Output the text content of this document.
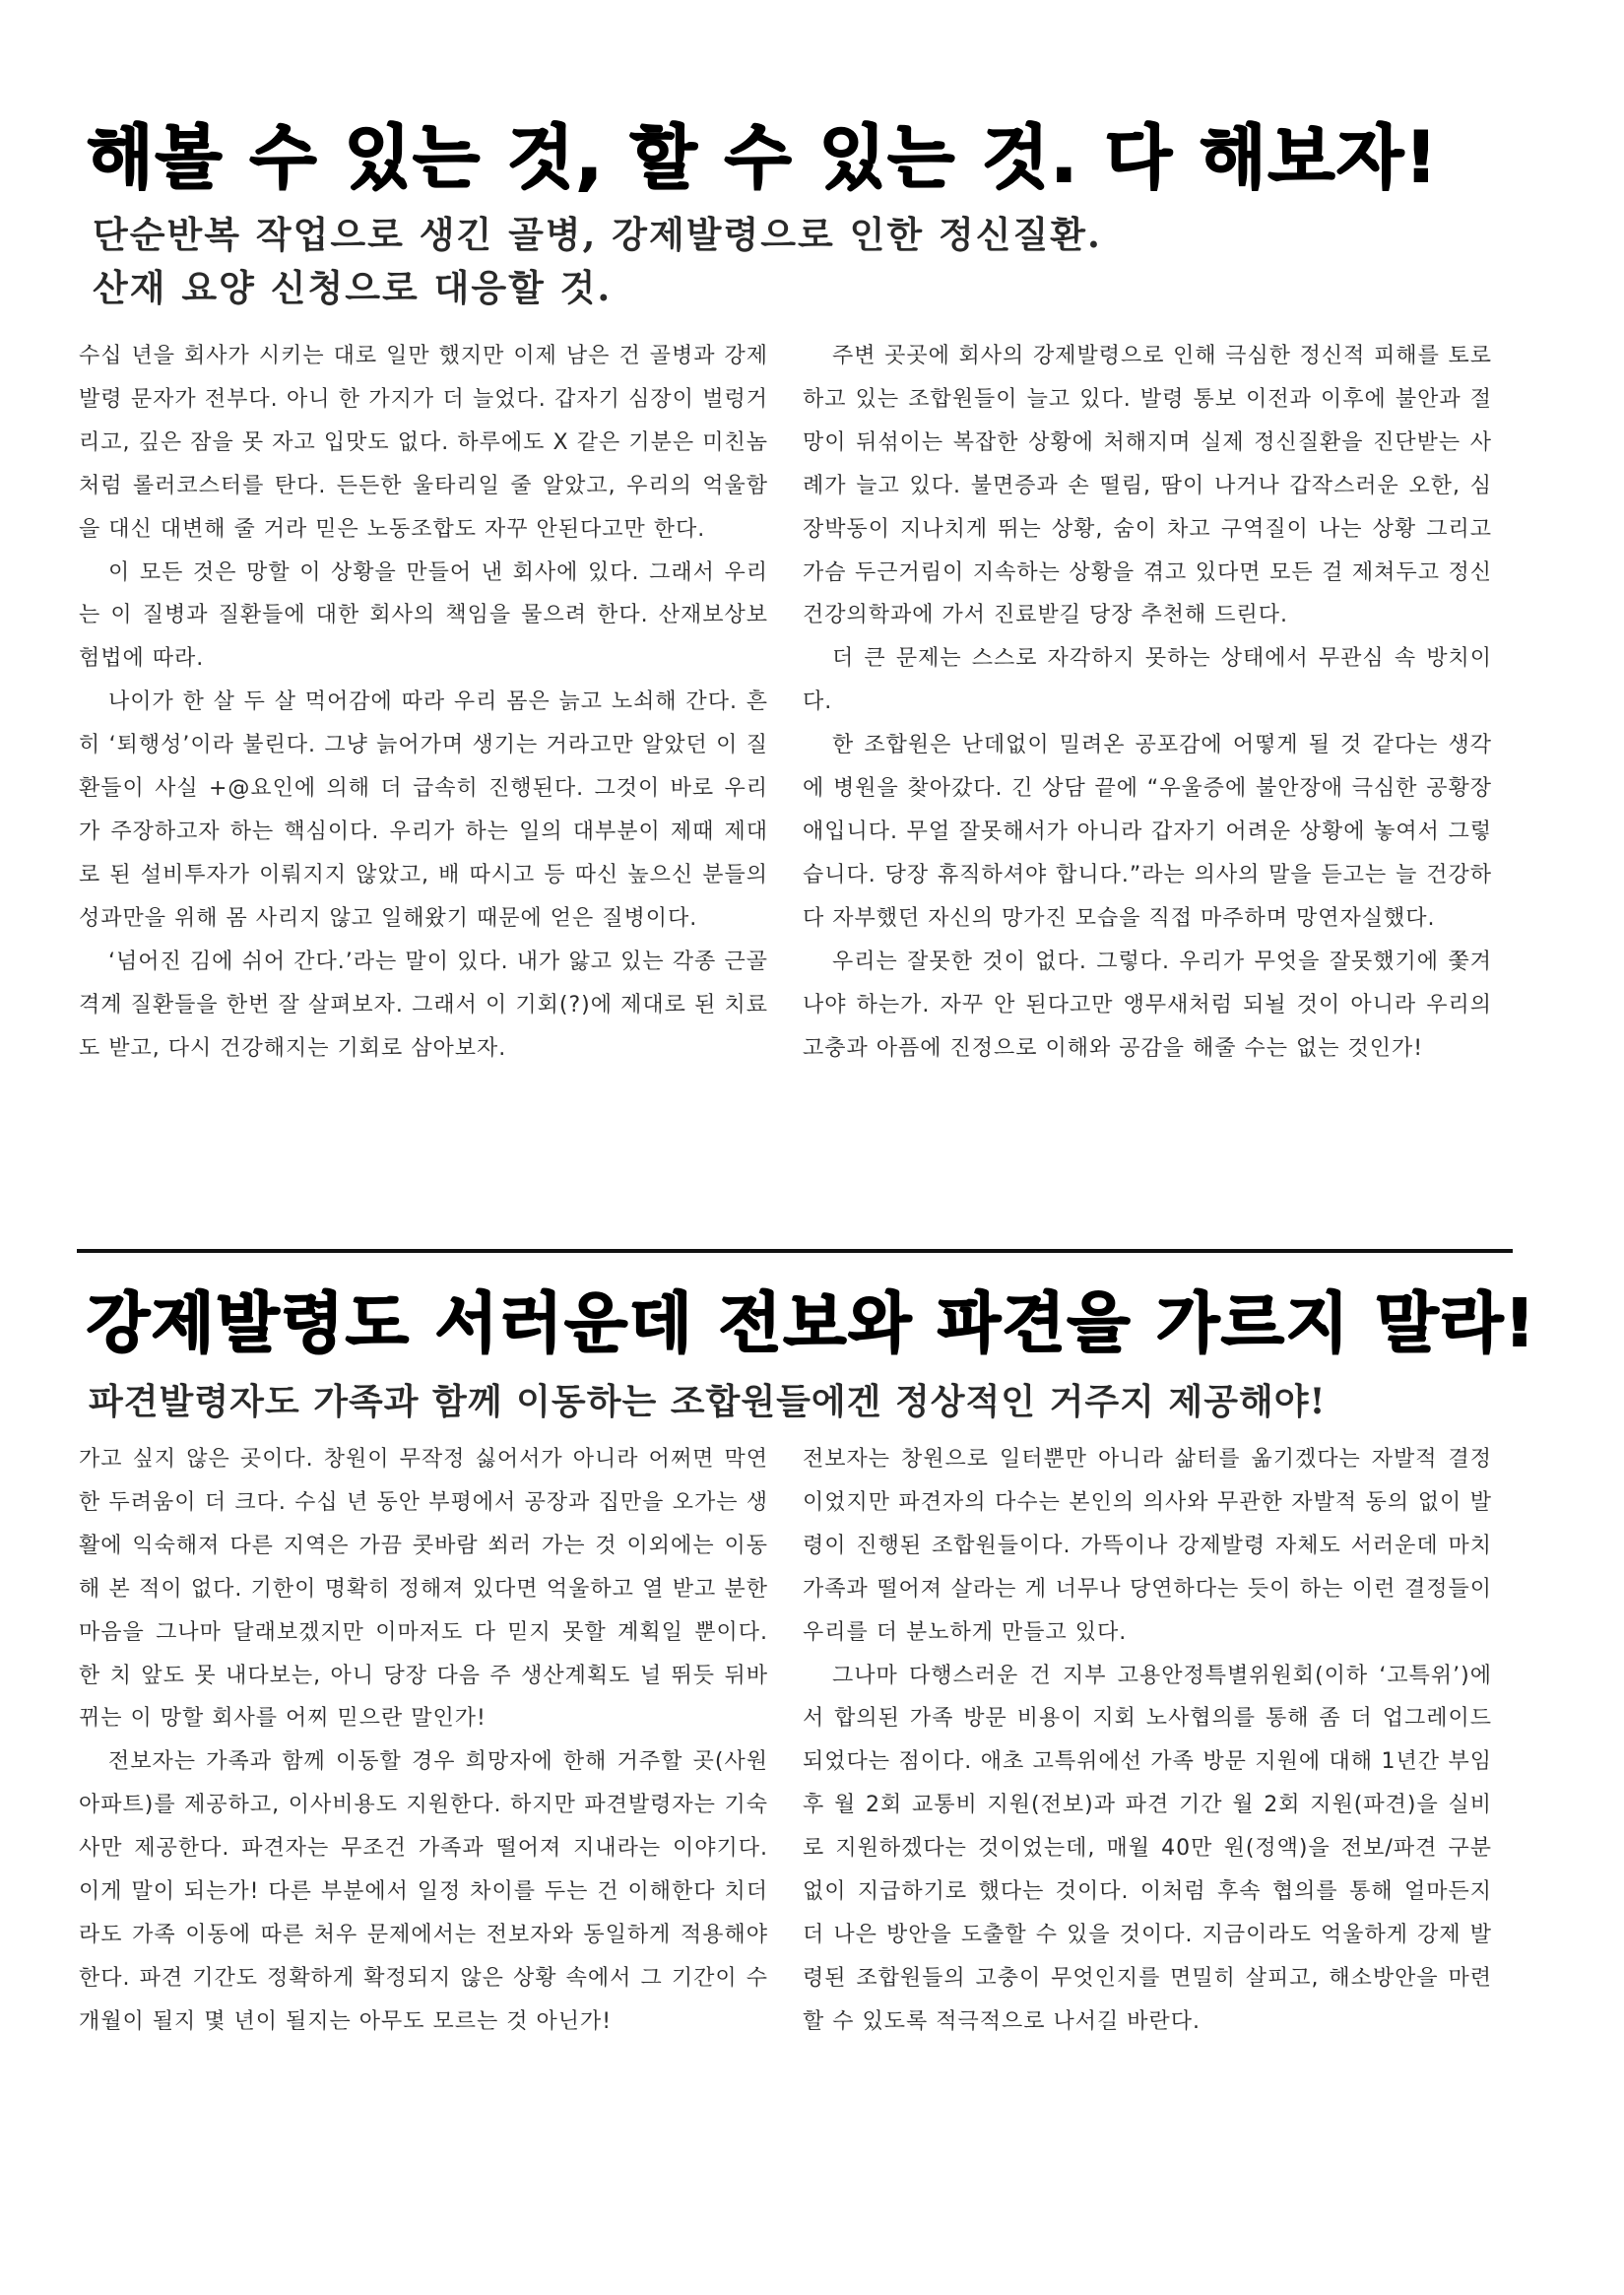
해볼 수 있는 것, 할 수 있는 것. 다 해보자!
단순반복 작업으로 생긴 골병, 강제발령으로 인한 정신질환.
산재 요양 신청으로 대응할 것.

수십 년을 회사가 시키는 대로 일만 했지만 이제 남은 건 골병과 강제발령 문자가 전부다. 아니 한 가지가 더 늘었다. 갑자기 심장이 벌렁거리고, 깊은 잠을 못 자고 입맛도 없다. 하루에도 X 같은 기분은 미친놈처럼 롤러코스터를 탄다. 든든한 울타리일 줄 알았고, 우리의 억울함을 대신 대변해 줄 거라 믿은 노동조합도 자꾸 안된다고만 한다.

이 모든 것은 망할 이 상황을 만들어 낸 회사에 있다. 그래서 우리는 이 질병과 질환들에 대한 회사의 책임을 물으려 한다. 산재보상보험법에 따라.

나이가 한 살 두 살 먹어감에 따라 우리 몸은 늙고 노쇠해 간다. 흔히 ‘퇴행성’이라 불린다. 그냥 늙어가며 생기는 거라고만 알았던 이 질환들이 사실 +@요인에 의해 더 급속히 진행된다. 그것이 바로 우리가 주장하고자 하는 핵심이다. 우리가 하는 일의 대부분이 제때 제대로 된 설비투자가 이뤄지지 않았고, 배 따시고 등 따신 높으신 분들의 성과만을 위해 몸 사리지 않고 일해왔기 때문에 얻은 질병이다.

‘넘어진 김에 쉬어 간다.’라는 말이 있다. 내가 앓고 있는 각종 근골격계 질환들을 한번 잘 살펴보자. 그래서 이 기회(?)에 제대로 된 치료도 받고, 다시 건강해지는 기회로 삼아보자.

주변 곳곳에 회사의 강제발령으로 인해 극심한 정신적 피해를 토로하고 있는 조합원들이 늘고 있다. 발령 통보 이전과 이후에 불안과 절망이 뒤섞이는 복잡한 상황에 처해지며 실제 정신질환을 진단받는 사례가 늘고 있다. 불면증과 손 떨림, 땀이 나거나 갑작스러운 오한, 심장박동이 지나치게 뛰는 상황, 숨이 차고 구역질이 나는 상황 그리고 가슴 두근거림이 지속하는 상황을 겪고 있다면 모든 걸 제쳐두고 정신건강의학과에 가서 진료받길 당장 추천해 드린다.

더 큰 문제는 스스로 자각하지 못하는 상태에서 무관심 속 방치이다.

한 조합원은 난데없이 밀려온 공포감에 어떻게 될 것 같다는 생각에 병원을 찾아갔다. 긴 상담 끝에 “우울증에 불안장애 극심한 공황장애입니다. 무얼 잘못해서가 아니라 갑자기 어려운 상황에 놓여서 그렇습니다. 당장 휴직하셔야 합니다.”라는 의사의 말을 듣고는 늘 건강하다 자부했던 자신의 망가진 모습을 직접 마주하며 망연자실했다.

우리는 잘못한 것이 없다. 그렇다. 우리가 무엇을 잘못했기에 쫓겨나야 하는가. 자꾸 안 된다고만 앵무새처럼 되뇔 것이 아니라 우리의 고충과 아픔에 진정으로 이해와 공감을 해줄 수는 없는 것인가!

강제발령도 서러운데 전보와 파견을 가르지 말라!
파견발령자도 가족과 함께 이동하는 조합원들에겐 정상적인 거주지 제공해야!

가고 싶지 않은 곳이다. 창원이 무작정 싫어서가 아니라 어쩌면 막연한 두려움이 더 크다. 수십 년 동안 부평에서 공장과 집만을 오가는 생활에 익숙해져 다른 지역은 가끔 콧바람 쐬러 가는 것 이외에는 이동해 본 적이 없다. 기한이 명확히 정해져 있다면 억울하고 열 받고 분한 마음을 그나마 달래보겠지만 이마저도 다 믿지 못할 계획일 뿐이다. 한 치 앞도 못 내다보는, 아니 당장 다음 주 생산계획도 널 뛰듯 뒤바뀌는 이 망할 회사를 어찌 믿으란 말인가!

전보자는 가족과 함께 이동할 경우 희망자에 한해 거주할 곳(사원 아파트)를 제공하고, 이사비용도 지원한다. 하지만 파견발령자는 기숙사만 제공한다. 파견자는 무조건 가족과 떨어져 지내라는 이야기다. 이게 말이 되는가! 다른 부분에서 일정 차이를 두는 건 이해한다 치더라도 가족 이동에 따른 처우 문제에서는 전보자와 동일하게 적용해야 한다. 파견 기간도 정확하게 확정되지 않은 상황 속에서 그 기간이 수개월이 될지 몇 년이 될지는 아무도 모르는 것 아닌가!

전보자는 창원으로 일터뿐만 아니라 삶터를 옮기겠다는 자발적 결정이었지만 파견자의 다수는 본인의 의사와 무관한 자발적 동의 없이 발령이 진행된 조합원들이다. 가뜩이나 강제발령 자체도 서러운데 마치 가족과 떨어져 살라는 게 너무나 당연하다는 듯이 하는 이런 결정들이 우리를 더 분노하게 만들고 있다.

그나마 다행스러운 건 지부 고용안정특별위원회(이하 ‘고특위’)에서 합의된 가족 방문 비용이 지회 노사협의를 통해 좀 더 업그레이드되었다는 점이다. 애초 고특위에선 가족 방문 지원에 대해 1년간 부임 후 월 2회 교통비 지원(전보)과 파견 기간 월 2회 지원(파견)을 실비로 지원하겠다는 것이었는데, 매월 40만 원(정액)을 전보/파견 구분 없이 지급하기로 했다는 것이다. 이처럼 후속 협의를 통해 얼마든지 더 나은 방안을 도출할 수 있을 것이다. 지금이라도 억울하게 강제 발령된 조합원들의 고충이 무엇인지를 면밀히 살피고, 해소방안을 마련할 수 있도록 적극적으로 나서길 바란다.
